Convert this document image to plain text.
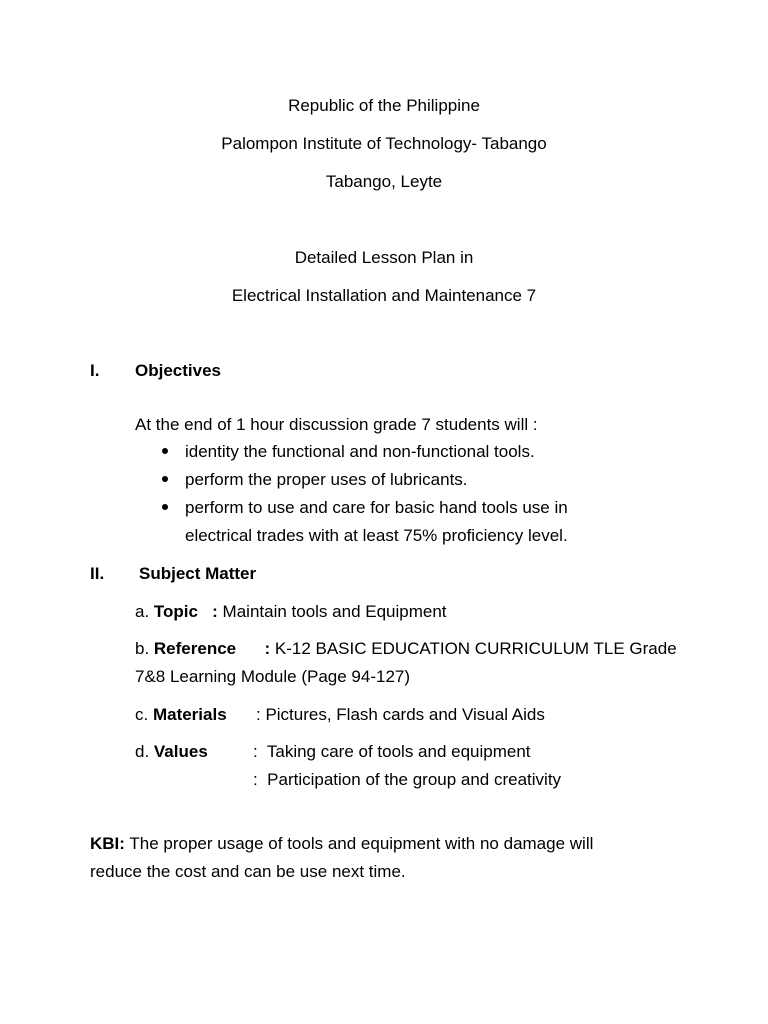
Republic of the Philippine
Palompon Institute of Technology- Tabango
Tabango, Leyte
Detailed Lesson Plan in
Electrical Installation and Maintenance 7
I. Objectives
At the end of 1 hour discussion grade 7 students will :
identity the functional and non-functional tools.
perform the proper uses of lubricants.
perform to use and care for basic hand tools use in
electrical trades with at least 75% proficiency level.
II. Subject Matter
a. Topic   : Maintain tools and Equipment
b. Reference      : K-12 BASIC EDUCATION CURRICULUM TLE Grade
7&8 Learning Module (Page 94-127)
c. Materials : Pictures, Flash cards and Visual Aids
d. Values	:  Taking care of tools and equipment
:  Participation of the group and creativity
KBI: The proper usage of tools and equipment with no damage will
reduce the cost and can be use next time.
